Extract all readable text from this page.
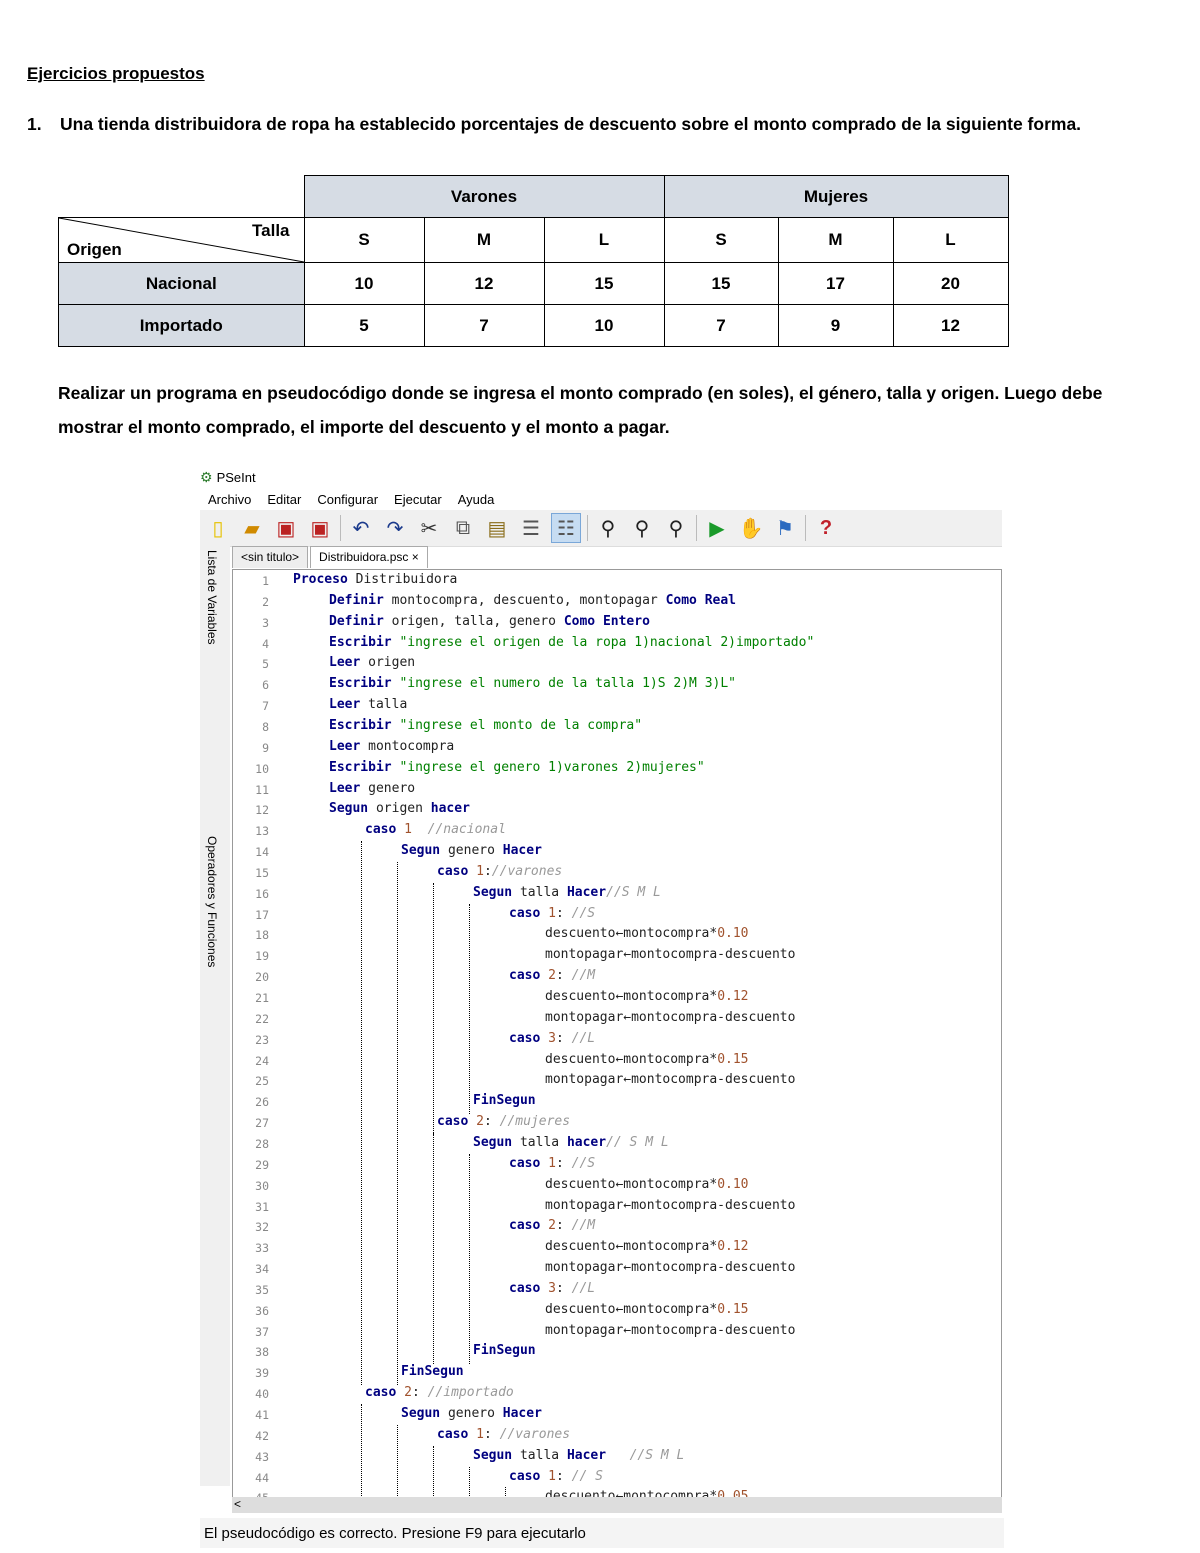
Ejercicios propuestos
1. Una tienda distribuidora de ropa ha establecido porcentajes de descuento sobre el monto comprado de la siguiente forma.
	Varones			Mujeres		

Talla
Origen	S	M	L	S	M	L
Nacional	10	12	15	15	17	20
Importado	5	7	10	7	9	12
Realizar un programa en pseudocódigo donde se ingresa el monto comprado (en soles), el género, talla y origen. Luego debe mostrar el monto comprado, el importe del descuento y el monto a pagar.
⚙ PSeInt
Archivo Editar Configurar Ejecutar Ayuda
▯	▰ ▣ ▣ ↶ ↷ ✂ ⧉ ▤ ☰ ☷	⚲ ⚲ ⚲	▶ ✋ ⚑	?
Lista de Variables
Operadores y Funciones
<sin titulo>	Distribuidora.psc ×
1 Proceso Distribuidora
2	Definir montocompra, descuento, montopagar Como Real
3	Definir origen, talla, genero Como Entero
4	Escribir "ingrese el origen de la ropa 1)nacional 2)importado"
5	Leer origen
6	Escribir "ingrese el numero de la talla 1)S 2)M 3)L"
7	Leer talla
8	Escribir "ingrese el monto de la compra"
9	Leer montocompra
10	Escribir "ingrese el genero 1)varones 2)mujeres"
11	Leer genero
12	Segun origen hacer
13	caso 1 //nacional
14	Segun genero Hacer
15	caso 1://varones
16	Segun talla Hacer//S M L
17	caso 1: //S
18	descuento←montocompra*0.10
19	montopagar←montocompra-descuento
20	caso 2: //M
21	descuento←montocompra*0.12
22	montopagar←montocompra-descuento
23	caso 3: //L
24	descuento←montocompra*0.15
25	montopagar←montocompra-descuento
26	FinSegun
27	caso 2: //mujeres
28	Segun talla hacer// S M L
29	caso 1: //S
30	descuento←montocompra*0.10
31	montopagar←montocompra-descuento
32	caso 2: //M
33	descuento←montocompra*0.12
34	montopagar←montocompra-descuento
35	caso 3: //L
36	descuento←montocompra*0.15
37	montopagar←montocompra-descuento
38	FinSegun
39	FinSegun
40	caso 2: //importado
41	Segun genero Hacer
42	caso 1: //varones
43	Segun talla Hacer //S M L
44	caso 1: // S
<
El pseudocódigo es correcto. Presione F9 para ejecutarlo
